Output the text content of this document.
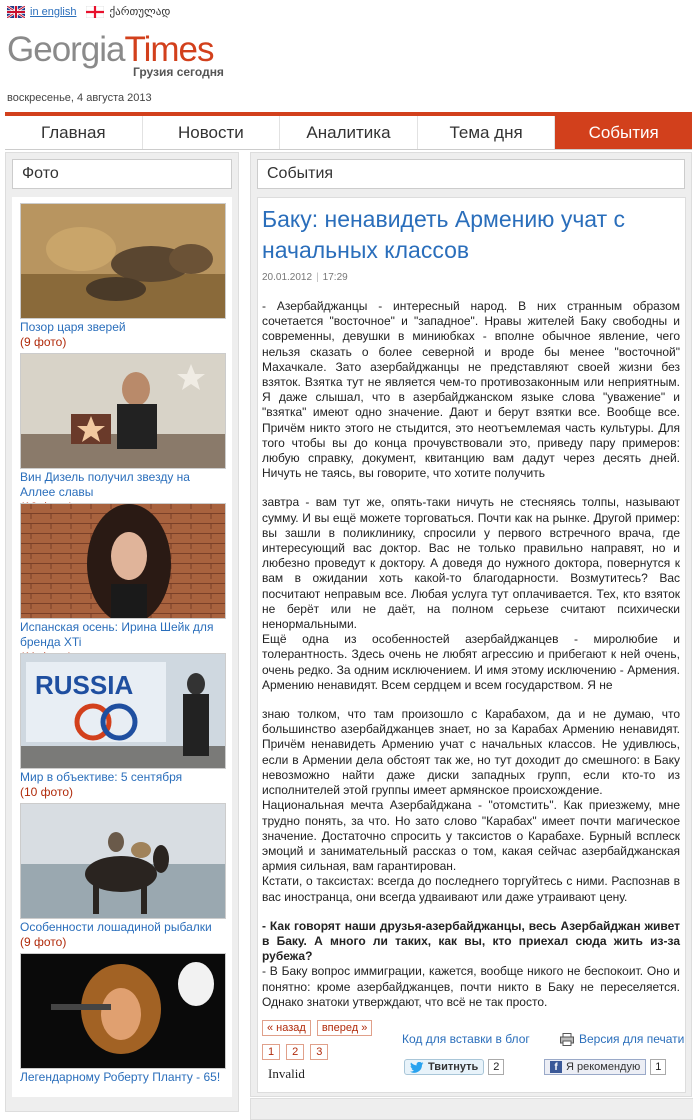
in english	ქართულად
GeorgiaTimes
Грузия сегодня
воскресенье, 4 августа 2013
Главная	Новости	Аналитика	Тема дня	События
Фото
Позор царя зверей
(9 фото)
Вин Дизель получил звезду на Аллее славы
Испанская осень: Ирина Шейк для бренда XTi
RUSSIA
Мир в объективе: 5 сентября
(10 фото)
Особенности лошадиной рыбалки
(9 фото)
Легендарному Роберту Планту - 65!
События
Баку: ненавидеть Армению учат с начальных классов
20.01.2012 | 17:29

- Азербайджанцы - интересный народ. В них странным образом сочетается "восточное" и "западное". Нравы жителей Баку свободны и современны, девушки в миниюбках - вполне обычное явление, чего нельзя сказать о более северной и вроде бы менее "восточной" Махачкале. Зато азербайджанцы не представляют своей жизни без взяток. Взятка тут не является чем-то противозаконным или неприятным. Я даже слышал, что в азербайджанском языке слова "уважение" и "взятка" имеют одно значение. Дают и берут взятки все. Вообще все. Причём никто этого не стыдится, это неотъемлемая часть культуры. Для того чтобы вы до конца прочувствовали это, приведу пару примеров: любую справку, документ, квитанцию вам дадут через десять дней. Ничуть не таясь, вы говорите, что хотите получить

завтра - вам тут же, опять-таки ничуть не стесняясь толпы, называют сумму. И вы ещё можете торговаться. Почти как на рынке. Другой пример: вы зашли в поликлинику, спросили у первого встречного врача, где интересующий вас доктор. Вас не только правильно направят, но и любезно проведут к доктору. А доведя до нужного доктора, повернутся к вам в ожидании хоть какой-то благодарности. Возмутитесь? Вас посчитают неправым все. Любая услуга тут оплачивается. Тех, кто взяток не берёт или не даёт, на полном серьезе считают психически ненормальными.

Ещё одна из особенностей азербайджанцев - миролюбие и толерантность. Здесь очень не любят агрессию и прибегают к ней очень, очень редко. За одним исключением. И имя этому исключению - Армения. Армению ненавидят. Всем сердцем и всем государством. Я не

знаю толком, что там произошло с Карабахом, да и не думаю, что большинство азербайджанцев знает, но за Карабах Армению ненавидят. Причём ненавидеть Армению учат с начальных классов. Не удивлюсь, если в Армении дела обстоят так же, но тут доходит до смешного: в Баку невозможно найти даже диски западных групп, если кто-то из исполнителей этой группы имеет армянское происхождение.

Национальная мечта Азербайджана - "отомстить". Как приезжему, мне трудно понять, за что. Но зато слово "Карабах" имеет почти магическое значение. Достаточно спросить у таксистов о Карабахе. Бурный всплеск эмоций и занимательный рассказ о том, какая сейчас азербайджанская армия сильная, вам гарантирован.

Кстати, о таксистах: всегда до последнего торгуйтесь с ними. Распознав в вас иностранца, они всегда удваивают или даже утраивают цену.

- Как говорят наши друзья-азербайджанцы, весь Азербайджан живет в Баку. А много ли таких, как вы, кто приехал сюда жить из-за рубежа?

- В Баку вопрос иммиграции, кажется, вообще никого не беспокоит. Оно и понятно: кроме азербайджанцев, почти никто в Баку не переселяется. Однако знатоки утверждают, что всё не так просто.

« назад	вперед »
1	2	3
Код для вставки в блог	Версия для печати
Invalid	Твитнуть	2	f Я рекомендую	1
